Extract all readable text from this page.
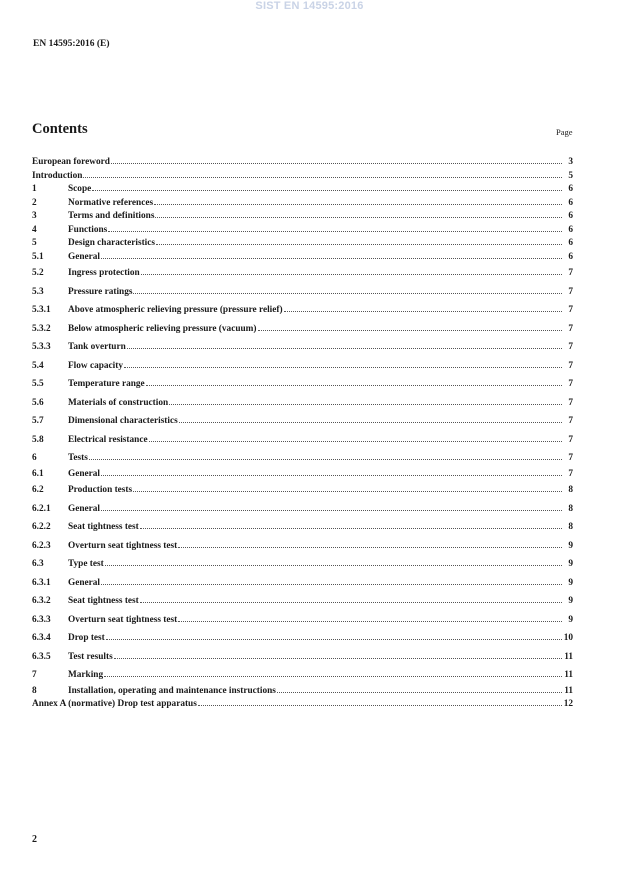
SIST EN 14595:2016
EN 14595:2016 (E)
Contents	Page
European foreword	3
Introduction	5
1	Scope	6
2	Normative references	6
3	Terms and definitions	6
4	Functions	6
5	Design characteristics	6
5.1	General	6
5.2	Ingress protection	7
5.3	Pressure ratings	7
5.3.1	Above atmospheric relieving pressure (pressure relief)	7
5.3.2	Below atmospheric relieving pressure (vacuum)	7
5.3.3	Tank overturn	7
5.4	Flow capacity	7
5.5	Temperature range	7
5.6	Materials of construction	7
5.7	Dimensional characteristics	7
5.8	Electrical resistance	7
6	Tests	7
6.1	General	7
6.2	Production tests	8
6.2.1	General	8
6.2.2	Seat tightness test	8
6.2.3	Overturn seat tightness test	9
6.3	Type test	9
6.3.1	General	9
6.3.2	Seat tightness test	9
6.3.3	Overturn seat tightness test	9
6.3.4	Drop test	10
6.3.5	Test results	11
7	Marking	11
8	Installation, operating and maintenance instructions	11
Annex A (normative) Drop test apparatus	12
2
